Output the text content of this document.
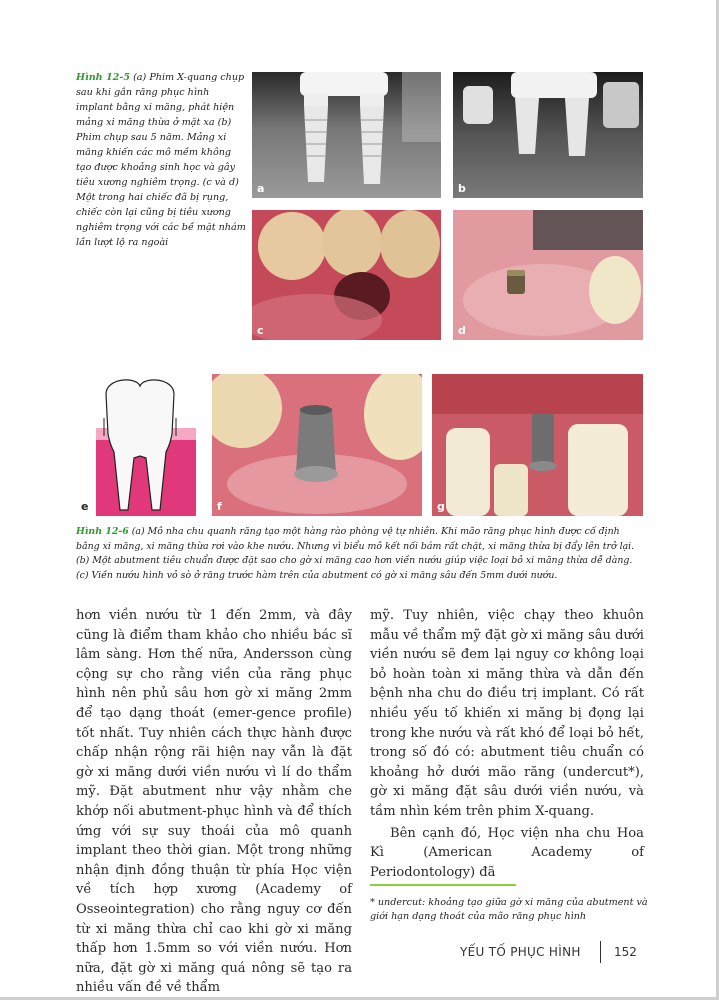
Hình 12-5 (a) Phim X-quang chụp sau khi gắn răng phục hình implant bằng xi măng, phát hiện mảng xi măng thừa ở mặt xa (b) Phim chụp sau 5 năm. Mảng xi măng khiến các mô mềm không tạo được khoảng sinh học và gây tiêu xương nghiêm trọng. (c và d) Một trong hai chiếc đã bị rụng, chiếc còn lại cũng bị tiêu xương nghiêm trọng với các bề mặt nhám lần lượt lộ ra ngoài
a	b
c	d
e	f	g
Hình 12-6 (a) Mô nha chu quanh răng tạo một hàng rào phòng vệ tự nhiên. Khi mão răng phục hình được cố định bằng xi măng, xi măng thừa rơi vào khe nướu. Nhưng vì biểu mô kết nối bám rất chặt, xi măng thừa bị đẩy lên trở lại. (b) Một abutment tiêu chuẩn được đặt sao cho gờ xi măng cao hơn viền nướu giúp việc loại bỏ xi măng thừa dễ dàng. (c) Viền nướu hình vỏ sò ở răng trước hàm trên của abutment có gờ xi măng sâu đến 5mm dưới nướu.

hơn viền nướu từ 1 đến 2mm, và đây cũng là điểm tham khảo cho nhiều bác sĩ lâm sàng. Hơn thế nữa, Andersson cùng cộng sự cho rằng viền của răng phục hình nên phủ sâu hơn gờ xi măng 2mm để tạo dạng thoát (emer-gence profile) tốt nhất. Tuy nhiên cách thực hành được chấp nhận rộng rãi hiện nay vẫn là đặt gờ xi măng dưới viền nướu vì lí do thẩm mỹ. Đặt abutment như vậy nhằm che khớp nối abutment-phục hình và để thích ứng với sự suy thoái của mô quanh implant theo thời gian. Một trong những nhận định đồng thuận từ phía Học viện về tích hợp xương (Academy of Osseointegration) cho rằng nguy cơ đến từ xi măng thừa chỉ cao khi gờ xi măng thấp hơn 1.5mm so với viền nướu. Hơn nữa, đặt gờ xi măng quá nông sẽ tạo ra nhiều vấn đề về thẩm

mỹ. Tuy nhiên, việc chạy theo khuôn mẫu về thẩm mỹ đặt gờ xi măng sâu dưới viền nướu sẽ đem lại nguy cơ không loại bỏ hoàn toàn xi măng thừa và dẫn đến bệnh nha chu do điều trị implant. Có rất nhiều yếu tố khiến xi măng bị đọng lại trong khe nướu và rất khó để loại bỏ hết, trong số đó có: abutment tiêu chuẩn có khoảng hở dưới mão răng (undercut*), gờ xi măng đặt sâu dưới viền nướu, và tầm nhìn kém trên phim X-quang.

Bên cạnh đó, Học viện nha chu Hoa Kì (American Academy of Periodontology) đã

* undercut: khoảng tạo giữa gờ xi măng của abutment và giới hạn dạng thoát của mão răng phục hình
YẾU TỐ PHỤC HÌNH	152
